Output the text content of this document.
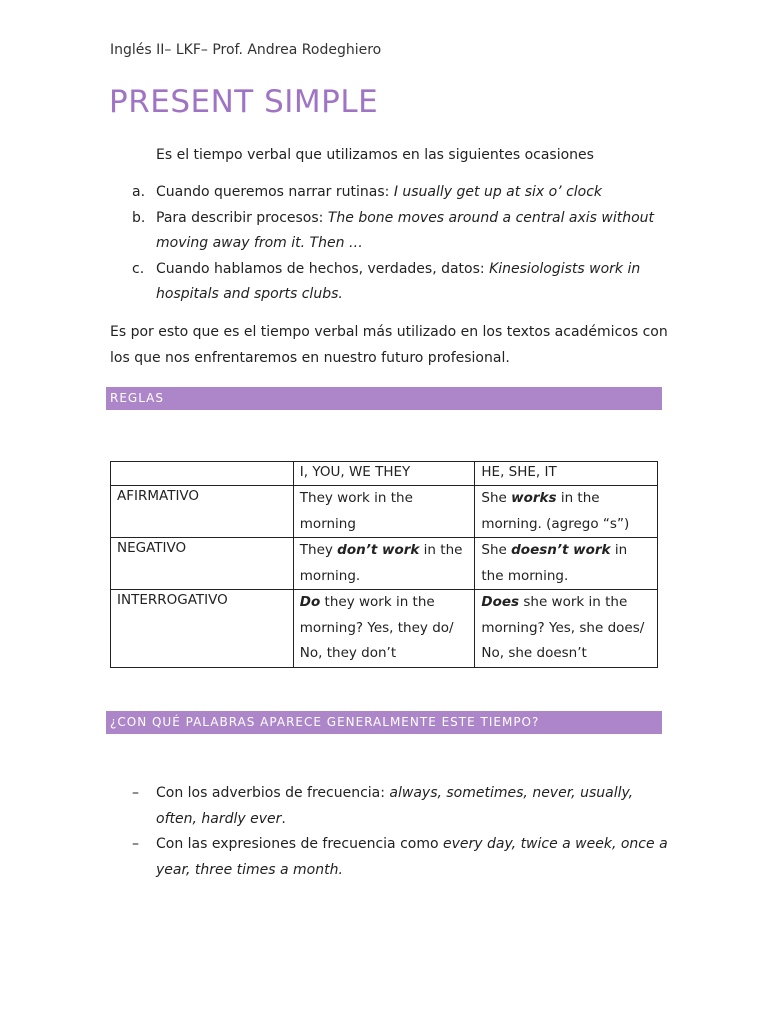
Inglés II– LKF– Prof. Andrea Rodeghiero
PRESENT SIMPLE
Es el tiempo verbal que utilizamos en las siguientes ocasiones
a. Cuando queremos narrar rutinas: I usually get up at six o’ clock
b. Para describir procesos: The bone moves around a central axis without moving away from it. Then …
c. Cuando hablamos de hechos, verdades, datos: Kinesiologists work in hospitals and sports clubs.

Es por esto que es el tiempo verbal más utilizado en los textos académicos con los que nos enfrentaremos en nuestro futuro profesional.

REGLAS
	I, YOU, WE THEY	HE, SHE, IT

AFIRMATIVO	They work in the morning	She works in the morning. (agrego “s”)

NEGATIVO	They don’t work in the morning.	She doesn’t work in the morning.

INTERROGATIVO	Do they work in the morning? Yes, they do/ No, they don’t	Does she work in the morning? Yes, she does/ No, she doesn’t
¿CON QUÉ PALABRAS APARECE GENERALMENTE ESTE TIEMPO?
– Con los adverbios de frecuencia: always, sometimes, never, usually, often, hardly ever.
– Con las expresiones de frecuencia como every day, twice a week, once a year, three times a month.
